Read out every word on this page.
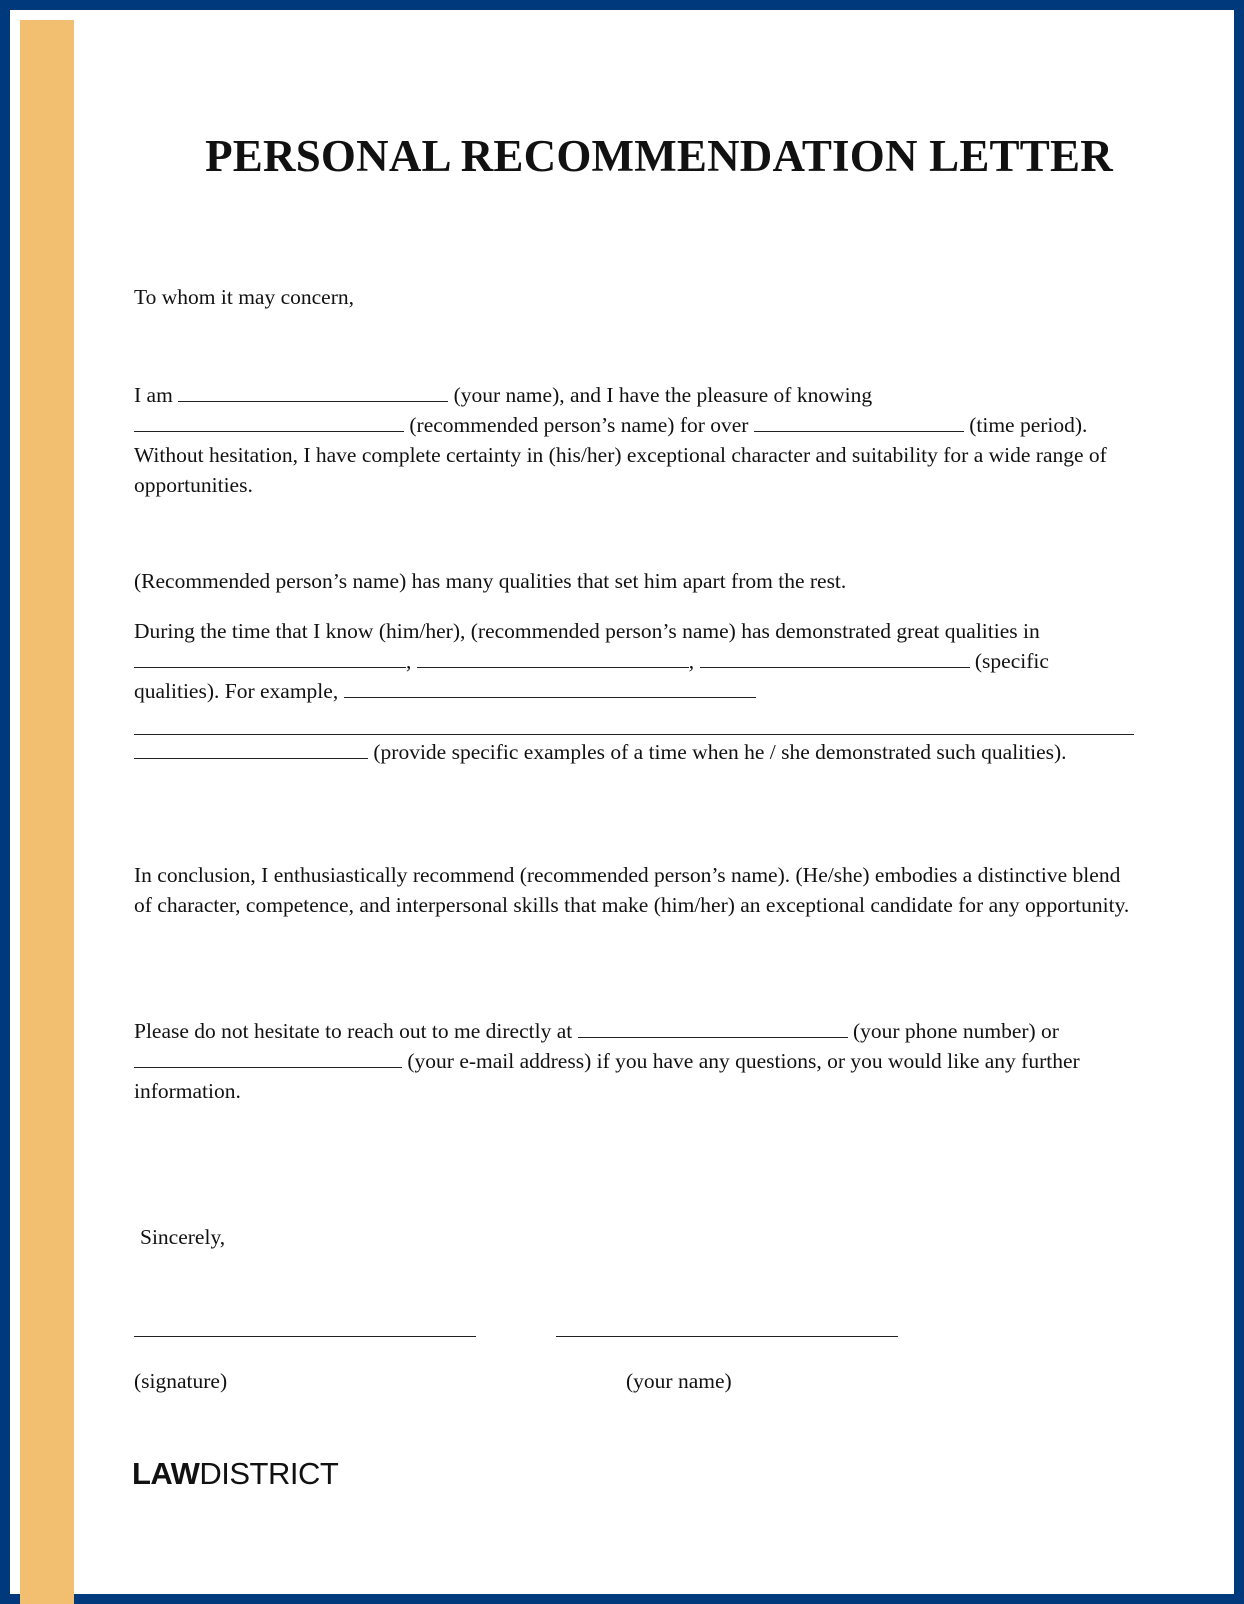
PERSONAL RECOMMENDATION LETTER

To whom it may concern,

I am	(your name), and I have the pleasure of knowing  (recommended person’s name) for over	(time period). Without hesitation, I have complete certainty in (his/her) exceptional character and suitability for a wide range of opportunities.

(Recommended person’s name) has many qualities that set him apart from the rest.

During the time that I know (him/her), (recommended person’s name) has demonstrated great qualities in ,	,	(specific qualities). For example,
(provide specific examples of a time when he / she demonstrated such qualities).

In conclusion, I enthusiastically recommend (recommended person’s name). (He/she) embodies a distinctive blend of character, competence, and interpersonal skills that make (him/her) an exceptional candidate for any opportunity.

Please do not hesitate to reach out to me directly at	(your phone number) or  (your e-mail address) if you have any questions, or you would like any further information.

Sincerely,

(signature)	(your name)
LAWDISTRICT
